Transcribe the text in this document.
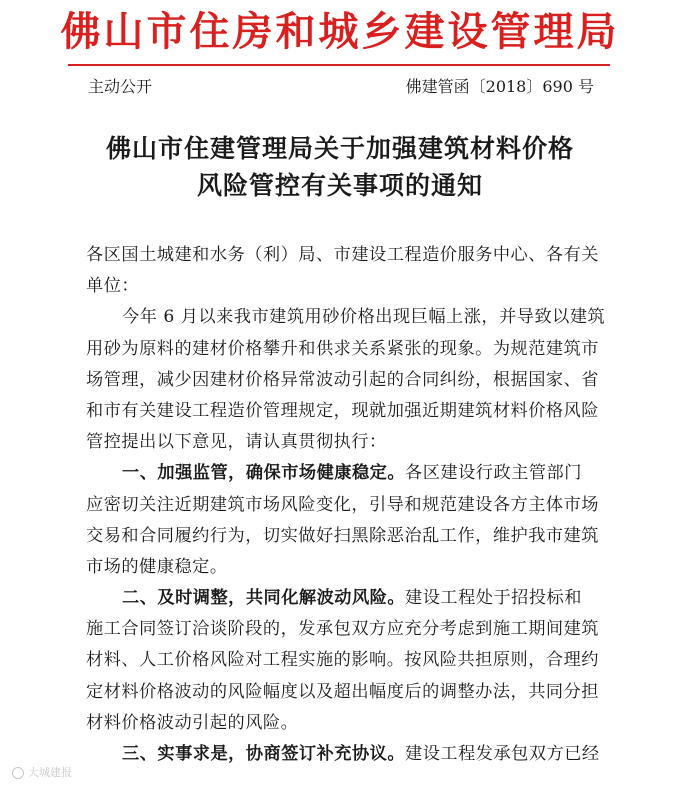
佛山市住房和城乡建设管理局
主动公开	佛建管函〔2018〕690 号
佛山市住建管理局关于加强建筑材料价格
风险管控有关事项的通知
各区国土城建和水务（利）局、市建设工程造价服务中心、各有关
单位：
今年 6 月以来我市建筑用砂价格出现巨幅上涨，并导致以建筑
用砂为原料的建材价格攀升和供求关系紧张的现象。为规范建筑市
场管理，减少因建材价格异常波动引起的合同纠纷，根据国家、省
和市有关建设工程造价管理规定，现就加强近期建筑材料价格风险
管控提出以下意见，请认真贯彻执行：
一、加强监管，确保市场健康稳定。各区建设行政主管部门
应密切关注近期建筑市场风险变化，引导和规范建设各方主体市场
交易和合同履约行为，切实做好扫黑除恶治乱工作，维护我市建筑
市场的健康稳定。
二、及时调整，共同化解波动风险。建设工程处于招投标和
施工合同签订洽谈阶段的，发承包双方应充分考虑到施工期间建筑
材料、人工价格风险对工程实施的影响。按风险共担原则，合理约
定材料价格波动的风险幅度以及超出幅度后的调整办法，共同分担
材料价格波动引起的风险。
三、实事求是，协商签订补充协议。建设工程发承包双方已经
大城建报
